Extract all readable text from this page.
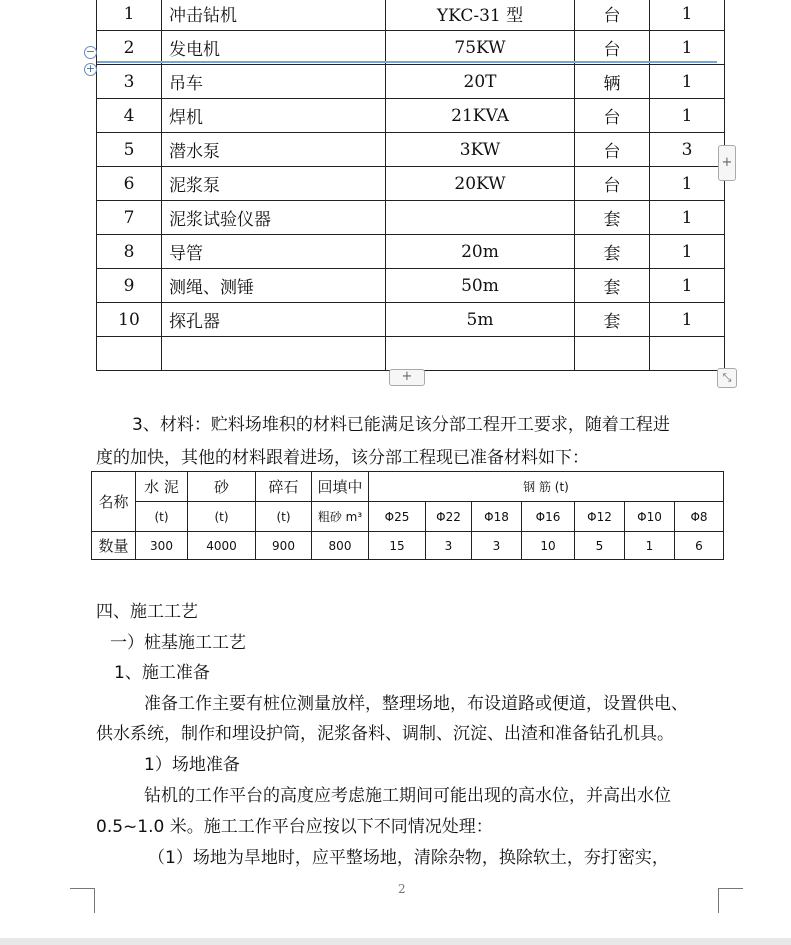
1	冲击钻机	YKC-31 型	台	1
2	发电机	75KW	台	1
3	吊车	20T	辆	1
4	焊机	21KVA	台	1
5	潜水泵	3KW	台	3
6	泥浆泵	20KW	台	1
7	泥浆试验仪器		套	1
8	导管	20m	套	1
9	测绳、测锤	50m	套	1
10	探孔器	5m	套	1

−
+
+
+	⤡
3、材料：贮料场堆积的材料已能满足该分部工程开工要求，随着工程进
度的加快，其他的材料跟着进场，该分部工程现已准备材料如下：
名称	水 泥	砂	碎石	回填中	钢 筋 (t)						
	(t)	(t)	(t)	粗砂 m³	Φ25	Φ22	Φ18	Φ16	Φ12	Φ10	Φ8
数量	300	4000	900	800	15	3	3	10	5	1	6
四、施工工艺
一）桩基施工工艺
1、施工准备
准备工作主要有桩位测量放样，整理场地，布设道路或便道，设置供电、
供水系统，制作和埋设护筒，泥浆备料、调制、沉淀、出渣和准备钻孔机具。
1）场地准备
钻机的工作平台的高度应考虑施工期间可能出现的高水位，并高出水位
0.5~1.0 米。施工工作平台应按以下不同情况处理：
（1）场地为旱地时，应平整场地，清除杂物，换除软土，夯打密实，
2
